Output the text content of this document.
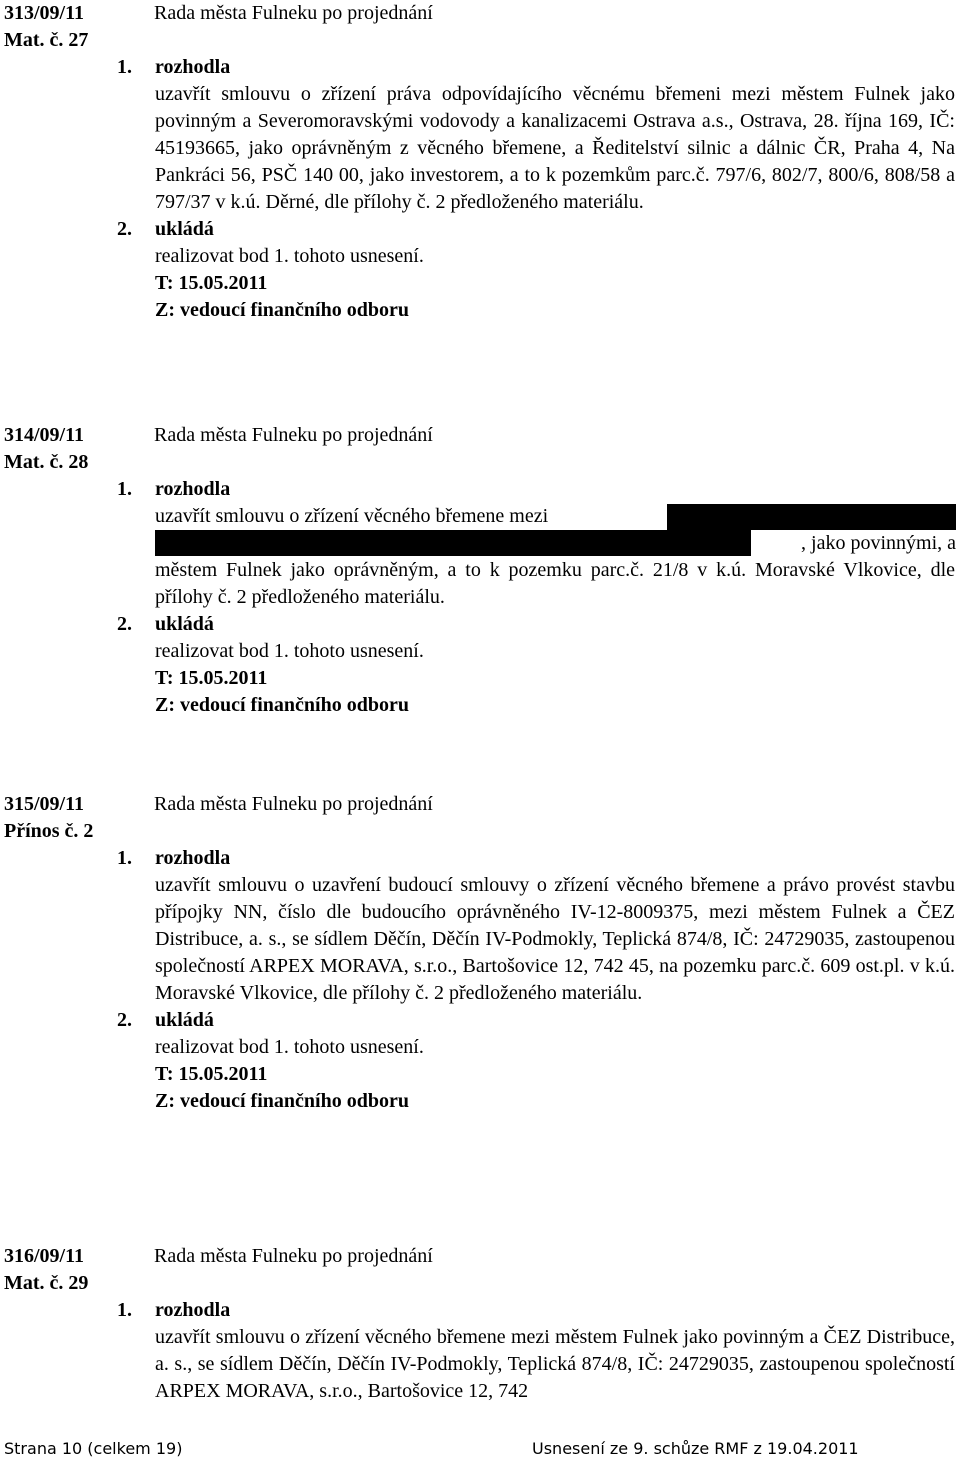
313/09/11	Rada města Fulneku po projednání
Mat. č. 27
1. rozhodla
uzavřít smlouvu o zřízení práva odpovídajícího věcnému břemeni mezi městem Fulnek jako povinným a Severomoravskými vodovody a kanalizacemi Ostrava a.s., Ostrava, 28. října 169, IČ: 45193665, jako oprávněným z věcného břemene, a Ředitelství silnic a dálnic ČR, Praha 4, Na Pankráci 56, PSČ 140 00, jako investorem, a to k pozemkům parc.č. 797/6, 802/7, 800/6, 808/58 a 797/37 v k.ú. Děrné, dle přílohy č. 2 předloženého materiálu.
2. ukládá
realizovat bod 1. tohoto usnesení.
T: 15.05.2011
Z: vedoucí finančního odboru
314/09/11	Rada města Fulneku po projednání
Mat. č. 28
1. rozhodla
uzavřít smlouvu o zřízení věcného břemene mezi
, jako povinnými, a
městem Fulnek jako oprávněným, a to k pozemku parc.č. 21/8 v k.ú. Moravské Vlkovice, dle přílohy č. 2 předloženého materiálu.
2. ukládá
realizovat bod 1. tohoto usnesení.
T: 15.05.2011
Z: vedoucí finančního odboru
315/09/11	Rada města Fulneku po projednání
Přínos č. 2
1. rozhodla
uzavřít smlouvu o uzavření budoucí smlouvy o zřízení věcného břemene a právo provést stavbu přípojky NN, číslo dle budoucího oprávněného IV-12-8009375, mezi městem Fulnek a ČEZ Distribuce, a. s., se sídlem Děčín, Děčín IV-Podmokly, Teplická 874/8, IČ: 24729035, zastoupenou společností ARPEX MORAVA, s.r.o., Bartošovice 12, 742 45, na pozemku parc.č. 609 ost.pl. v k.ú. Moravské Vlkovice, dle přílohy č. 2 předloženého materiálu.
2. ukládá
realizovat bod 1. tohoto usnesení.
T: 15.05.2011
Z: vedoucí finančního odboru
316/09/11	Rada města Fulneku po projednání
Mat. č. 29
1. rozhodla
uzavřít smlouvu o zřízení věcného břemene mezi městem Fulnek jako povinným a ČEZ Distribuce, a. s., se sídlem Děčín, Děčín IV-Podmokly, Teplická 874/8, IČ: 24729035, zastoupenou společností ARPEX MORAVA, s.r.o., Bartošovice 12, 742
Strana 10 (celkem 19)	Usnesení ze 9. schůze RMF z 19.04.2011
